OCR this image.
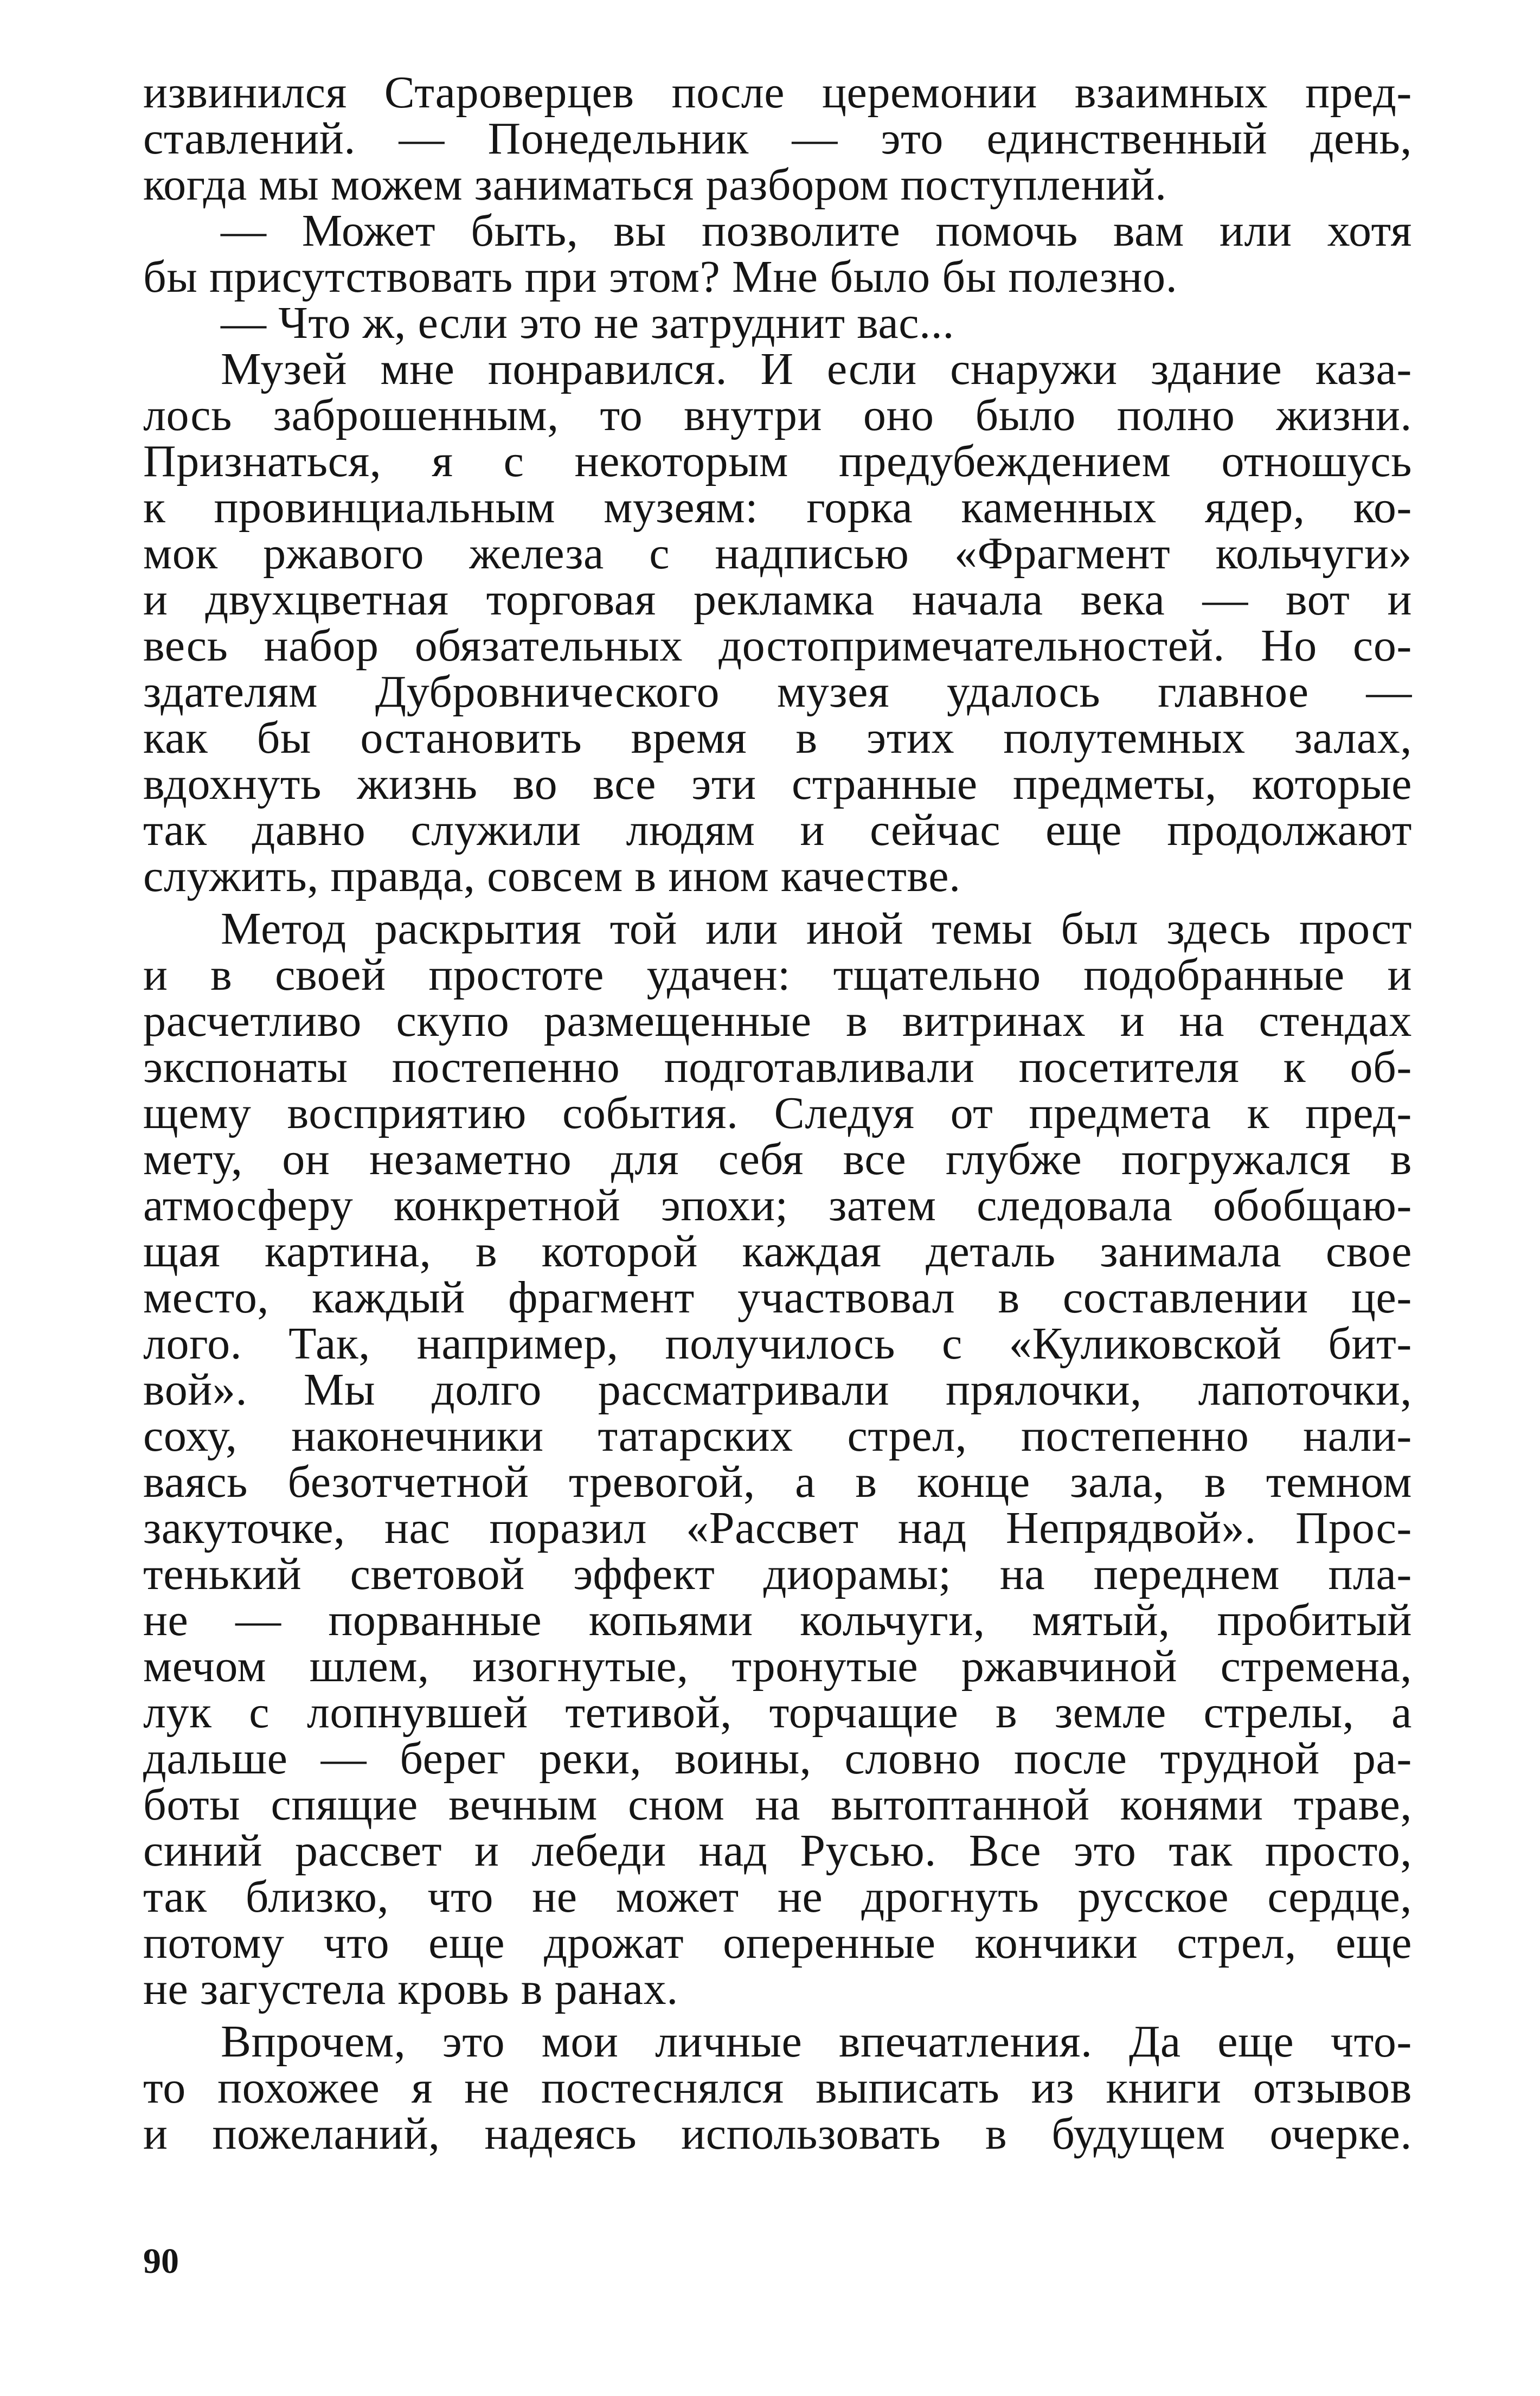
извинился Староверцев после церемонии взаимных пред-
ставлений. — Понедельник — это единственный день,
когда мы можем заниматься разбором поступлений.
— Может быть, вы позволите помочь вам или хотя
бы присутствовать при этом? Мне было бы полезно.
— Что ж, если это не затруднит вас...
Музей мне понравился. И если снаружи здание каза-
лось заброшенным, то внутри оно было полно жизни.
Признаться, я с некоторым предубеждением отношусь
к провинциальным музеям: горка каменных ядер, ко-
мок ржавого железа с надписью «Фрагмент кольчуги»
и двухцветная торговая рекламка начала века — вот и
весь набор обязательных достопримечательностей. Но со-
здателям Дубровнического музея удалось главное —
как бы остановить время в этих полутемных залах,
вдохнуть жизнь во все эти странные предметы, которые
так давно служили людям и сейчас еще продолжают
служить, правда, совсем в ином качестве.
Метод раскрытия той или иной темы был здесь прост
и в своей простоте удачен: тщательно подобранные и
расчетливо скупо размещенные в витринах и на стендах
экспонаты постепенно подготавливали посетителя к об-
щему восприятию события. Следуя от предмета к пред-
мету, он незаметно для себя все глубже погружался в
атмосферу конкретной эпохи; затем следовала обобщаю-
щая картина, в которой каждая деталь занимала свое
место, каждый фрагмент участвовал в составлении це-
лого. Так, например, получилось с «Куликовской бит-
вой». Мы долго рассматривали прялочки, лапоточки,
соху, наконечники татарских стрел, постепенно нали-
ваясь безотчетной тревогой, а в конце зала, в темном
закуточке, нас поразил «Рассвет над Непрядвой». Прос-
тенький световой эффект диорамы; на переднем пла-
не — порванные копьями кольчуги, мятый, пробитый
мечом шлем, изогнутые, тронутые ржавчиной стремена,
лук с лопнувшей тетивой, торчащие в земле стрелы, а
дальше — берег реки, воины, словно после трудной ра-
боты спящие вечным сном на вытоптанной конями траве,
синий рассвет и лебеди над Русью. Все это так просто,
так близко, что не может не дрогнуть русское сердце,
потому что еще дрожат оперенные кончики стрел, еще
не загустела кровь в ранах.
Впрочем, это мои личные впечатления. Да еще что-
то похожее я не постеснялся выписать из книги отзывов
и пожеланий, надеясь использовать в будущем очерке.
90
